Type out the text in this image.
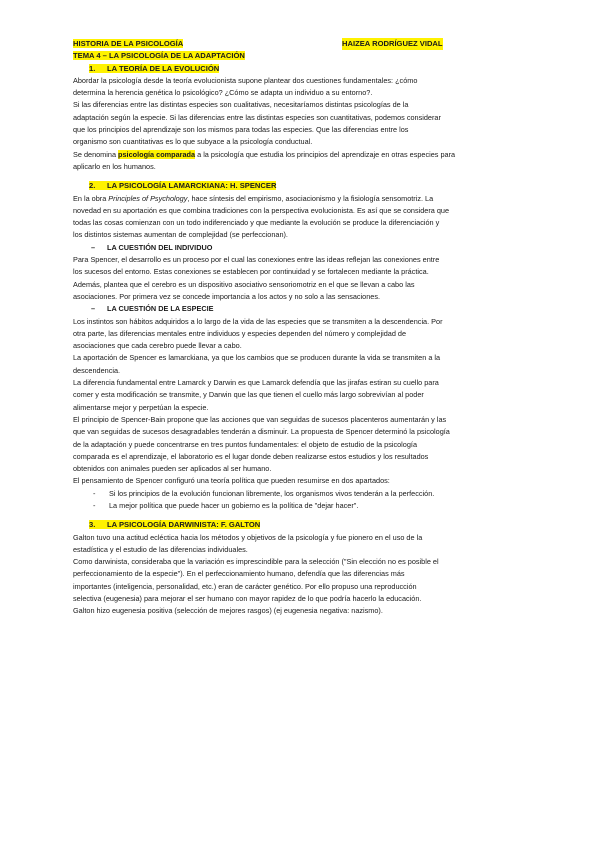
HISTORIA DE LA PSICOLOGÍA	HAIZEA RODRÍGUEZ VIDAL
TEMA 4 – LA PSICOLOGÍA DE LA ADAPTACIÓN
1. LA TEORÍA DE LA EVOLUCIÓN

Abordar la psicología desde la teoría evolucionista supone plantear dos cuestiones fundamentales: ¿cómo

determina la herencia genética lo psicológico? ¿Cómo se adapta un individuo a su entorno?.

Si las diferencias entre las distintas especies son cualitativas, necesitaríamos distintas psicologías de la

adaptación según la especie. Si las diferencias entre las distintas especies son cuantitativas, podemos considerar

que los principios del aprendizaje son los mismos para todas las especies. Que las diferencias entre los

organismo son cuantitativas es lo que subyace a la psicología conductual.

Se denomina psicología comparada a la psicología que estudia los principios del aprendizaje en otras especies para

aplicarlo en los humanos.

2. LA PSICOLOGÍA LAMARCKIANA: H. SPENCER

En la obra Principles of Psychology, hace síntesis del empirismo, asociacionismo y la fisiología sensomotriz. La

novedad en su aportación es que combina tradiciones con la perspectiva evolucionista. Es así que se considera que

todas las cosas comienzan con un todo indiferenciado y que mediante la evolución se produce la diferenciación y

los distintos sistemas aumentan de complejidad (se perfeccionan).

– LA CUESTIÓN DEL INDIVIDUO

Para Spencer, el desarrollo es un proceso por el cual las conexiones entre las ideas reflejan las conexiones entre

los sucesos del entorno. Estas conexiones se establecen por continuidad y se fortalecen mediante la práctica.

Además, plantea que el cerebro es un dispositivo asociativo sensoriomotriz en el que se llevan a cabo las

asociaciones. Por primera vez se concede importancia a los actos y no solo a las sensaciones.

– LA CUESTIÓN DE LA ESPECIE

Los instintos son hábitos adquiridos a lo largo de la vida de las especies que se transmiten a la descendencia. Por

otra parte, las diferencias mentales entre individuos y especies dependen del número y complejidad de

asociaciones que cada cerebro puede llevar a cabo.

La aportación de Spencer es lamarckiana, ya que los cambios que se producen durante la vida se transmiten a la

descendencia.

La diferencia fundamental entre Lamarck y Darwin es que Lamarck defendía que las jirafas estiran su cuello para

comer y esta modificación se transmite, y Darwin que las que tienen el cuello más largo sobrevivían al poder

alimentarse mejor y perpetúan la especie.

El principio de Spencer-Bain propone que las acciones que van seguidas de sucesos placenteros aumentarán y las

que van seguidas de sucesos desagradables tenderán a disminuir. La propuesta de Spencer determinó la psicología

de la adaptación y puede concentrarse en tres puntos fundamentales: el objeto de estudio de la psicología

comparada es el aprendizaje, el laboratorio es el lugar donde deben realizarse estos estudios y los resultados

obtenidos con animales pueden ser aplicados al ser humano.

El pensamiento de Spencer configuró una teoría política que pueden resumirse en dos apartados:

- Si los principios de la evolución funcionan libremente, los organismos vivos tenderán a la perfección.
- La mejor política que puede hacer un gobierno es la política de "dejar hacer".
3. LA PSICOLOGÍA DARWINISTA: F. GALTON

Galton tuvo una actitud ecléctica hacia los métodos y objetivos de la psicología y fue pionero en el uso de la

estadística y el estudio de las diferencias individuales.

Como darwinista, consideraba que la variación es imprescindible para la selección ("Sin elección no es posible el

perfeccionamiento de la especie"). En el perfeccionamiento humano, defendía que las diferencias más

importantes (inteligencia, personalidad, etc.) eran de carácter genético. Por ello propuso una reproducción

selectiva (eugenesia) para mejorar el ser humano con mayor rapidez de lo que podría hacerlo la educación.

Galton hizo eugenesia positiva (selección de mejores rasgos) (ej eugenesia negativa: nazismo).
